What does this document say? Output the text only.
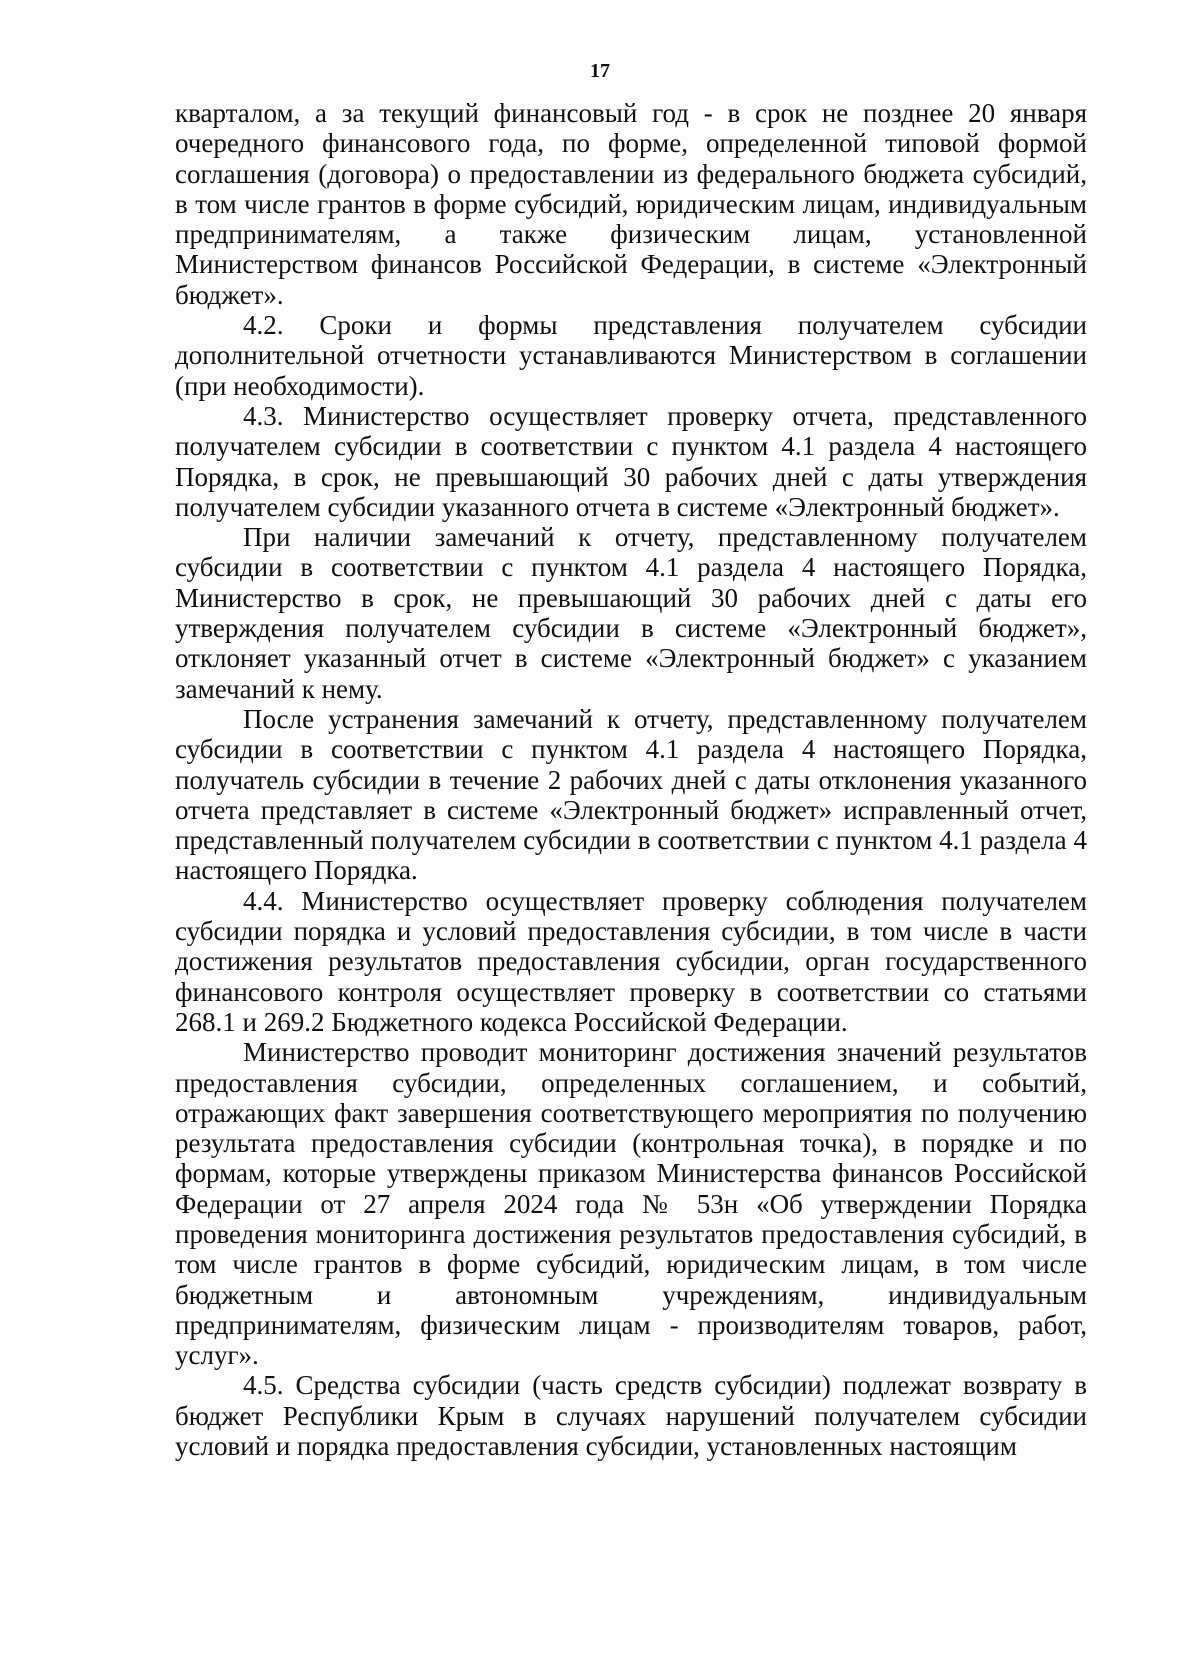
17

кварталом, а за текущий финансовый год - в срок не позднее 20 января очередного финансового года, по форме, определенной типовой формой соглашения (договора) о предоставлении из федерального бюджета субсидий, в том числе грантов в форме субсидий, юридическим лицам, индивидуальным предпринимателям, а также физическим лицам, установленной Министерством финансов Российской Федерации, в системе «Электронный бюджет».

4.2. Сроки и формы представления получателем субсидии дополнительной отчетности устанавливаются Министерством в соглашении (при необходимости).

4.3. Министерство осуществляет проверку отчета, представленного получателем субсидии в соответствии с пунктом 4.1 раздела 4 настоящего Порядка, в срок, не превышающий 30 рабочих дней с даты утверждения получателем субсидии указанного отчета в системе «Электронный бюджет».

При наличии замечаний к отчету, представленному получателем субсидии в соответствии с пунктом 4.1 раздела 4 настоящего Порядка, Министерство в срок, не превышающий 30 рабочих дней с даты его утверждения получателем субсидии в системе «Электронный бюджет», отклоняет указанный отчет в системе «Электронный бюджет» с указанием замечаний к нему.

После устранения замечаний к отчету, представленному получателем субсидии в соответствии с пунктом 4.1 раздела 4 настоящего Порядка, получатель субсидии в течение 2 рабочих дней с даты отклонения указанного отчета представляет в системе «Электронный бюджет» исправленный отчет, представленный получателем субсидии в соответствии с пунктом 4.1 раздела 4 настоящего Порядка.

4.4. Министерство осуществляет проверку соблюдения получателем субсидии порядка и условий предоставления субсидии, в том числе в части достижения результатов предоставления субсидии, орган государственного финансового контроля осуществляет проверку в соответствии со статьями 268.1 и 269.2 Бюджетного кодекса Российской Федерации.

Министерство проводит мониторинг достижения значений результатов предоставления субсидии, определенных соглашением, и событий, отражающих факт завершения соответствующего мероприятия по получению результата предоставления субсидии (контрольная точка), в порядке и по формам, которые утверждены приказом Министерства финансов Российской Федерации от 27 апреля 2024 года № 53н «Об утверждении Порядка проведения мониторинга достижения результатов предоставления субсидий, в том числе грантов в форме субсидий, юридическим лицам, в том числе бюджетным и автономным учреждениям, индивидуальным предпринимателям, физическим лицам - производителям товаров, работ, услуг».

4.5. Средства субсидии (часть средств субсидии) подлежат возврату в бюджет Республики Крым в случаях нарушений получателем субсидии условий и порядка предоставления субсидии, установленных настоящим
